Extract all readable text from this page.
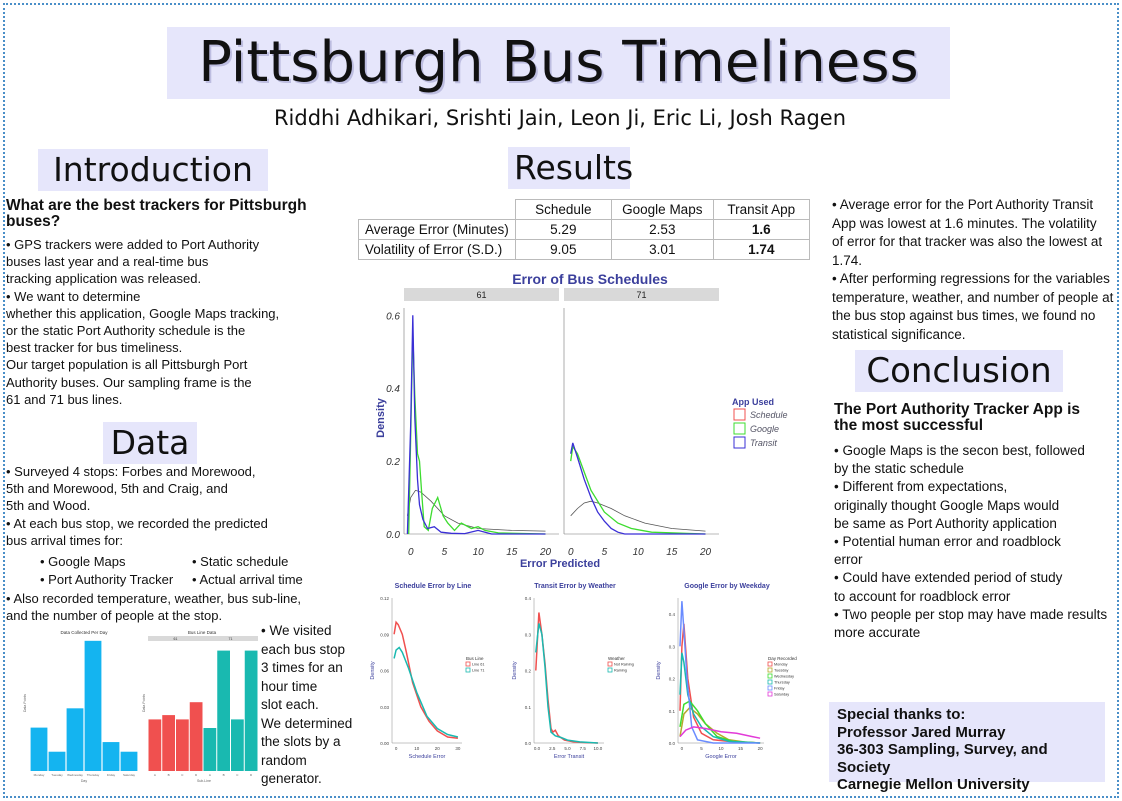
Pittsburgh Bus Timeliness
Riddhi Adhikari, Srishti Jain, Leon Ji, Eric Li, Josh Ragen
Introduction
What are the best trackers for Pittsburgh buses?
• GPS trackers were added to Port Authority
buses last year and a real-time bus
tracking application was released.
• We want to determine
whether this application, Google Maps tracking,
or the static Port Authority schedule is the
best tracker for bus timeliness.
Our target population is all Pittsburgh Port
Authority buses. Our sampling frame is the
61 and 71 bus lines.
Data
• Surveyed 4 stops: Forbes and Morewood,
5th and Morewood, 5th and Craig, and
5th and Wood.
• At each bus stop, we recorded the predicted
bus arrival times for:
• Google Maps	• Static schedule
• Port Authority Tracker • Actual arrival time
• Also recorded temperature, weather, bus sub-line,
and the number of people at the stop.
• We visited
each bus stop
3 times for an
hour time
slot each.
We determined
the slots by a
random
generator.
Data Collected Per Day
Monday Tuesday Wednesday Thursday	Friday	Saturday
Day
Data Points
Bus Line Data
A	B	C	D	A	B	C	D
61	71
Sub-Line
Data Points
Results
	Schedule	Google Maps	Transit App
Average Error (Minutes)	5.29	2.53	1.6
Volatility of Error (S.D.)	9.05	3.01	1.74
Error of Bus Schedules
0.0
0.2
0.4
0.6
Density
61
0	5	10 15 20
71
0	5	10 15 20
Error Predicted
App Used
Schedule
Google
Transit
Schedule Error by Line
0.00
0.03
0.06
0.09
0.12
0	10	20	30
Schedule Error
Density
Bus Line
Line 61
Line 71
Transit Error by Weather
0.0
0.1
0.2
0.3
0.4
0.0 2.5 5.0 7.5 10.0
Error Transit
Density
Weather
Not Raining
Raining
Google Error by Weekday
0.0
0.1
0.2
0.3
0.4
0	5	10	15	20
Google Error
Density
Day Recorded
Monday
Tuesday
Wednesday
Thursday
Friday
Saturday
• Average error for the Port Authority Transit
App was lowest at 1.6 minutes. The volatility
of error for that tracker was also the lowest at
1.74.
• After performing regressions for the variables
temperature, weather, and number of people at
the bus stop against bus times, we found no
statistical significance.
Conclusion
The Port Authority Tracker App is
the most successful
• Google Maps is the secon best, followed
by the static schedule
• Different from expectations,
originally thought Google Maps would
be same as Port Authority application
• Potential human error and roadblock
error
• Could have extended period of study
to account for roadblock error
• Two people per stop may have made results
more accurate
Special thanks to:
Professor Jared Murray
36-303 Sampling, Survey, and Society
Carnegie Mellon University
